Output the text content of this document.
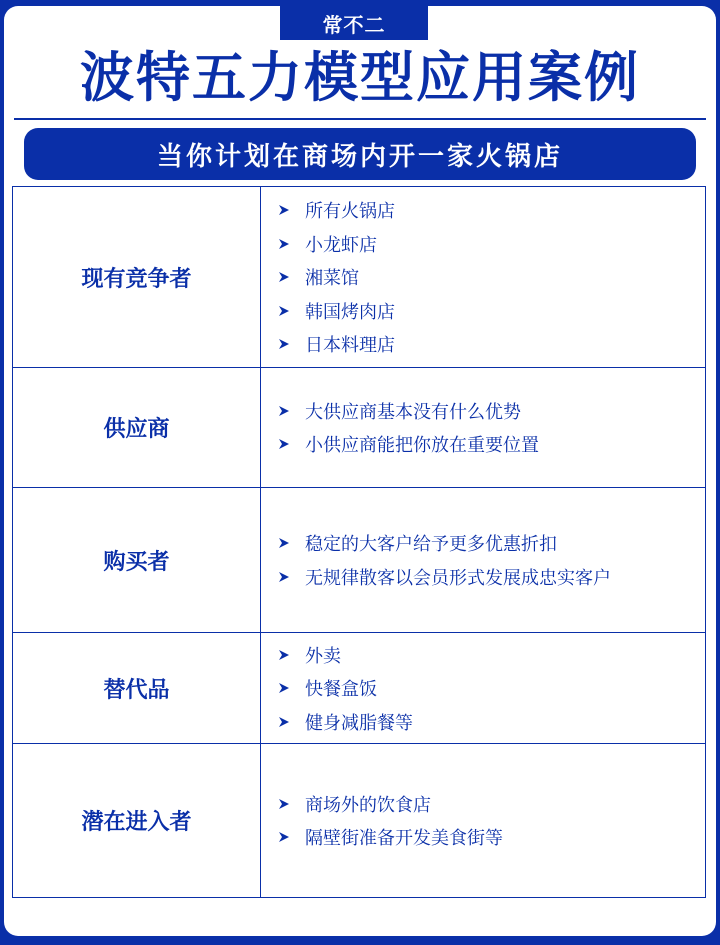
常不二
波特五力模型应用案例
当你计划在商场内开一家火锅店
现有竞争者
所有火锅店
小龙虾店
湘菜馆
韩国烤肉店
日本料理店
供应商
大供应商基本没有什么优势
小供应商能把你放在重要位置
购买者
稳定的大客户给予更多优惠折扣
无规律散客以会员形式发展成忠实客户
替代品
外卖
快餐盒饭
健身减脂餐等
潜在进入者
商场外的饮食店
隔壁街准备开发美食街等
